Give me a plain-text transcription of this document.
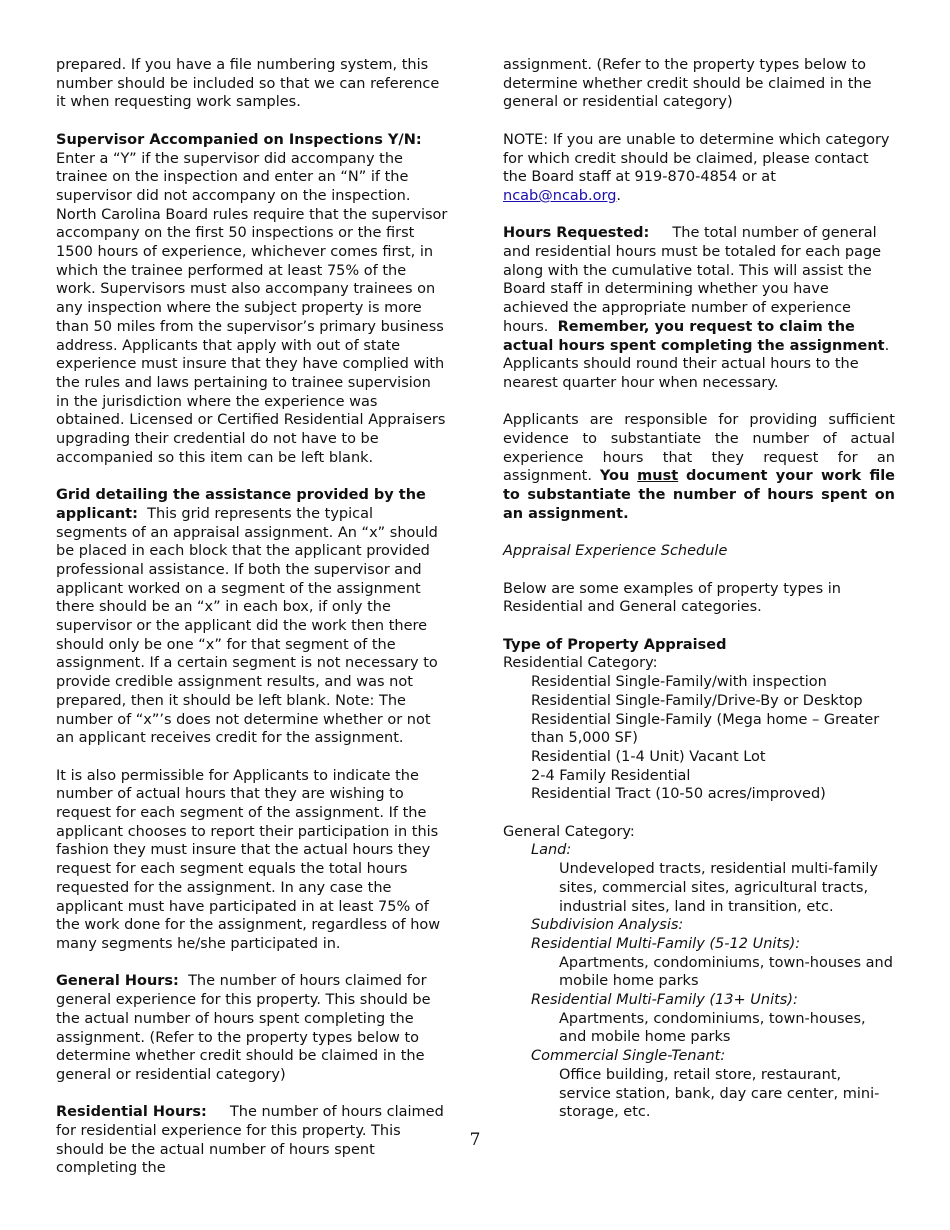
prepared. If you have a file numbering system, this number should be included so that we can reference it when requesting work samples.

Supervisor Accompanied on Inspections Y/N: Enter a “Y” if the supervisor did accompany the trainee on the inspection and enter an “N” if the supervisor did not accompany on the inspection. North Carolina Board rules require that the supervisor accompany on the first 50 inspections or the first 1500 hours of experience, whichever comes first, in which the trainee performed at least 75% of the work. Supervisors must also accompany trainees on any inspection where the subject property is more than 50 miles from the supervisor’s primary business address. Applicants that apply with out of state experience must insure that they have complied with the rules and laws pertaining to trainee supervision in the jurisdiction where the experience was obtained. Licensed or Certified Residential Appraisers upgrading their credential do not have to be accompanied so this item can be left blank.
Grid detailing the assistance provided by the applicant: This grid represents the typical segments of an appraisal assignment. An “x” should be placed in each block that the applicant provided professional assistance. If both the supervisor and applicant worked on a segment of the assignment there should be an “x” in each box, if only the supervisor or the applicant did the work then there should only be one “x” for that segment of the assignment. If a certain segment is not necessary to provide credible assignment results, and was not prepared, then it should be left blank. Note: The number of “x”’s does not determine whether or not an applicant receives credit for the assignment.

It is also permissible for Applicants to indicate the number of actual hours that they are wishing to request for each segment of the assignment. If the applicant chooses to report their participation in this fashion they must insure that the actual hours they request for each segment equals the total hours requested for the assignment. In any case the applicant must have participated in at least 75% of the work done for the assignment, regardless of how many segments he/she participated in.

General Hours: The number of hours claimed for general experience for this property. This should be the actual number of hours spent completing the assignment. (Refer to the property types below to determine whether credit should be claimed in the general or residential category)
Residential Hours: The number of hours claimed for residential experience for this property. This should be the actual number of hours spent completing the

assignment. (Refer to the property types below to determine whether credit should be claimed in the general or residential category)

NOTE: If you are unable to determine which category for which credit should be claimed, please contact the Board staff at 919-870-4854 or at ncab@ncab.org.

Hours Requested: The total number of general and residential hours must be totaled for each page along with the cumulative total. This will assist the Board staff in determining whether you have achieved the appropriate number of experience hours. Remember, you request to claim the actual hours spent completing the assignment. Applicants should round their actual hours to the nearest quarter hour when necessary.

Applicants are responsible for providing sufficient evidence to substantiate the number of actual experience hours that they request for an assignment. You must document your work file to substantiate the number of hours spent on an assignment.

Appraisal Experience Schedule

Below are some examples of property types in Residential and General categories.

Type of Property Appraised

Residential Category:

Residential Single-Family/with inspection

Residential Single-Family/Drive-By or Desktop

Residential Single-Family (Mega home – Greater than 5,000 SF)

Residential (1-4 Unit) Vacant Lot

2-4 Family Residential

Residential Tract (10-50 acres/improved)

General Category:

Land:

Undeveloped tracts, residential multi-family sites, commercial sites, agricultural tracts, industrial sites, land in transition, etc.

Subdivision Analysis:

Residential Multi-Family (5-12 Units):

Apartments, condominiums, town-houses and mobile home parks

Residential Multi-Family (13+ Units):

Apartments, condominiums, town-houses, and mobile home parks

Commercial Single-Tenant:

Office building, retail store, restaurant, service station, bank, day care center, mini-storage, etc.

7
